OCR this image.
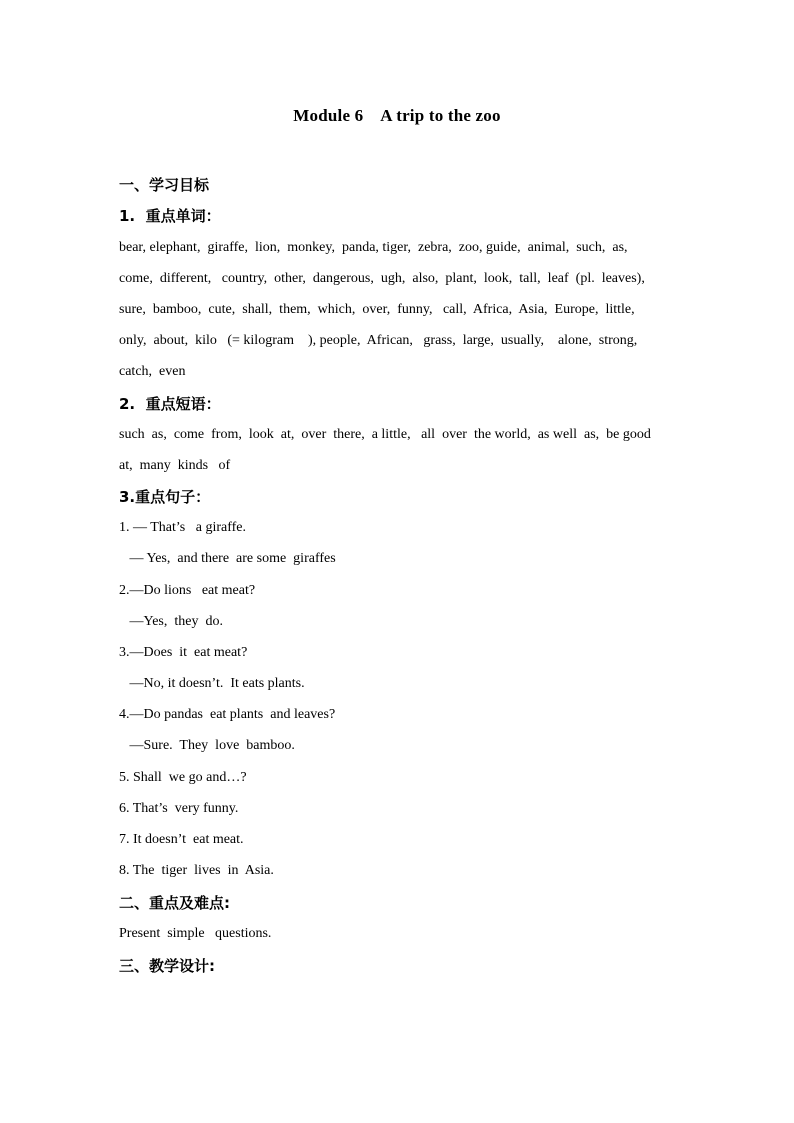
Module 6    A trip to the zoo
一、学习目标
1.  重点单词：
bear, elephant,  giraffe,  lion,  monkey,  panda, tiger,  zebra,  zoo, guide,  animal,  such,  as,
come,  different,   country,  other,  dangerous,  ugh,  also,  plant,  look,  tall,  leaf  (pl.  leaves),
sure,  bamboo,  cute,  shall,  them,  which,  over,  funny,   call,  Africa,  Asia,  Europe,  little,
only,  about,  kilo   (= kilogram    ), people,  African,   grass,  large,  usually,    alone,  strong,
catch,  even
2.  重点短语：
such  as,  come  from,  look  at,  over  there,  a little,   all  over  the world,  as well  as,  be good
at,  many  kinds   of
3.重点句子：
1. — That’s   a giraffe.
— Yes,  and there  are some  giraffes
2.—Do lions   eat meat?
—Yes,  they  do.
3.—Does  it  eat meat?
—No, it doesn’t.  It eats plants.
4.—Do pandas  eat plants  and leaves?
—Sure.  They  love  bamboo.
5. Shall  we go and…?
6. That’s  very funny.
7. It doesn’t  eat meat.
8. The  tiger  lives  in  Asia.
二、重点及难点:
Present  simple   questions.
三、教学设计:
